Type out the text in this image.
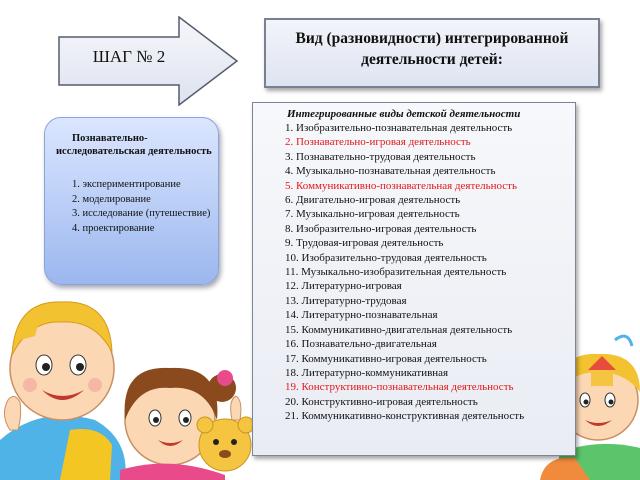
ШАГ № 2
Вид (разновидности) интегрированной деятельности детей:
Познавательно-исследовательская деятельность
1. экспериментирование
2. моделирование
3. исследование (путешествие)
4. проектирование
Интегрированные виды детской деятельности
1. Изобразительно-познавательная деятельность
2. Познавательно-игровая деятельность
3. Познавательно-трудовая деятельность
4. Музыкально-познавательная деятельность
5. Коммуникативно-познавательная деятельность
6. Двигательно-игровая деятельность
7. Музыкально-игровая деятельность
8. Изобразительно-игровая деятельность
9. Трудовая-игровая деятельность
10. Изобразительно-трудовая деятельность
11. Музыкально-изобразительная деятельность
12. Литературно-игровая
13. Литературно-трудовая
14. Литературно-познавательная
15. Коммуникативно-двигательная деятельность
16. Познавательно-двигательная
17. Коммуникативно-игровая деятельность
18. Литературно-коммуникативная
19. Конструктивно-познавательная деятельность
20. Конструктивно-игровая деятельность
21. Коммуникативно-конструктивная деятельность
